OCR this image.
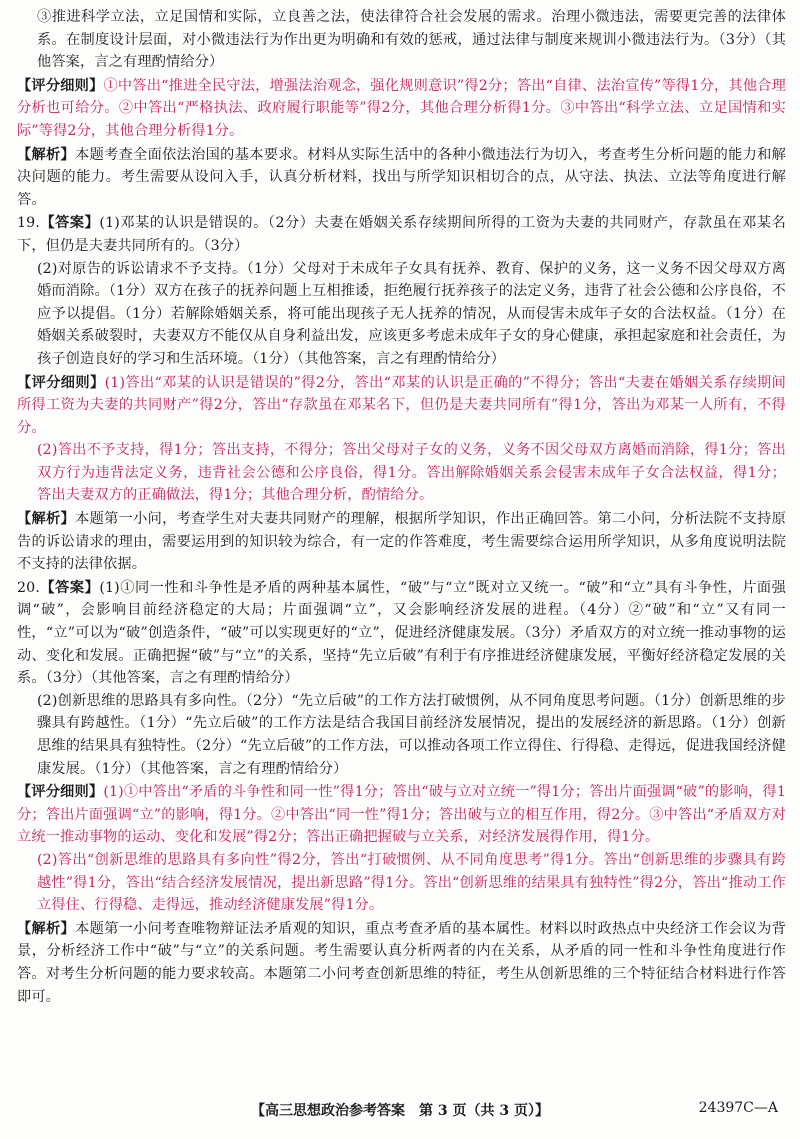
③推进科学立法，立足国情和实际，立良善之法，使法律符合社会发展的需求。治理小微违法，需要更完善的法律体系。在制度设计层面，对小微违法行为作出更为明确和有效的惩戒，通过法律与制度来规训小微违法行为。（3分）（其他答案，言之有理酌情给分）

【评分细则】①中答出“推进全民守法，增强法治观念，强化规则意识”得2分；答出“自律、法治宣传”等得1分，其他合理分析也可给分。②中答出“严格执法、政府履行职能等”得2分，其他合理分析得1分。③中答出“科学立法、立足国情和实际”等得2分，其他合理分析得1分。

【解析】本题考查全面依法治国的基本要求。材料从实际生活中的各种小微违法行为切入，考查考生分析问题的能力和解决问题的能力。考生需要从设问入手，认真分析材料，找出与所学知识相切合的点，从守法、执法、立法等角度进行解答。

19.【答案】(1)邓某的认识是错误的。（2分）夫妻在婚姻关系存续期间所得的工资为夫妻的共同财产，存款虽在邓某名下，但仍是夫妻共同所有的。（3分）

(2)对原告的诉讼请求不予支持。（1分）父母对于未成年子女具有抚养、教育、保护的义务，这一义务不因父母双方离婚而消除。（1分）双方在孩子的抚养问题上互相推诿，拒绝履行抚养孩子的法定义务，违背了社会公德和公序良俗，不应予以提倡。（1分）若解除婚姻关系，将可能出现孩子无人抚养的情况，从而侵害未成年子女的合法权益。（1分）在婚姻关系破裂时，夫妻双方不能仅从自身利益出发，应该更多考虑未成年子女的身心健康，承担起家庭和社会责任，为孩子创造良好的学习和生活环境。（1分）（其他答案，言之有理酌情给分）

【评分细则】(1)答出“邓某的认识是错误的”得2分，答出“邓某的认识是正确的”不得分；答出“夫妻在婚姻关系存续期间所得工资为夫妻的共同财产”得2分，答出“存款虽在邓某名下，但仍是夫妻共同所有”得1分，答出为邓某一人所有，不得分。

(2)答出不予支持，得1分；答出支持，不得分；答出父母对子女的义务，义务不因父母双方离婚而消除，得1分；答出双方行为违背法定义务，违背社会公德和公序良俗，得1分。答出解除婚姻关系会侵害未成年子女合法权益，得1分；答出夫妻双方的正确做法，得1分；其他合理分析，酌情给分。

【解析】本题第一小问，考查学生对夫妻共同财产的理解，根据所学知识，作出正确回答。第二小问，分析法院不支持原告的诉讼请求的理由，需要运用到的知识较为综合，有一定的作答难度，考生需要综合运用所学知识，从多角度说明法院不支持的法律依据。

20.【答案】(1)①同一性和斗争性是矛盾的两种基本属性，“破”与“立”既对立又统一。“破”和“立”具有斗争性，片面强调“破”，会影响目前经济稳定的大局；片面强调“立”，又会影响经济发展的进程。（4分）②“破”和“立”又有同一性，“立”可以为“破”创造条件，“破”可以实现更好的“立”，促进经济健康发展。（3分）矛盾双方的对立统一推动事物的运动、变化和发展。正确把握“破”与“立”的关系，坚持“先立后破”有利于有序推进经济健康发展，平衡好经济稳定发展的关系。（3分）（其他答案，言之有理酌情给分）

(2)创新思维的思路具有多向性。（2分）“先立后破”的工作方法打破惯例，从不同角度思考问题。（1分）创新思维的步骤具有跨越性。（1分）“先立后破”的工作方法是结合我国目前经济发展情况，提出的发展经济的新思路。（1分）创新思维的结果具有独特性。（2分）“先立后破”的工作方法，可以推动各项工作立得住、行得稳、走得远，促进我国经济健康发展。（1分）（其他答案，言之有理酌情给分）

【评分细则】(1)①中答出“矛盾的斗争性和同一性”得1分；答出“破与立对立统一”得1分；答出片面强调“破”的影响，得1分；答出片面强调“立”的影响，得1分。②中答出“同一性”得1分；答出破与立的相互作用，得2分。③中答出“矛盾双方对立统一推动事物的运动、变化和发展”得2分；答出正确把握破与立关系，对经济发展得作用，得1分。

(2)答出“创新思维的思路具有多向性”得2分，答出“打破惯例、从不同角度思考”得1分。答出“创新思维的步骤具有跨越性”得1分，答出“结合经济发展情况，提出新思路”得1分。答出“创新思维的结果具有独特性”得2分，答出“推动工作立得住、行得稳、走得远，推动经济健康发展”得1分。

【解析】本题第一小问考查唯物辩证法矛盾观的知识，重点考查矛盾的基本属性。材料以时政热点中央经济工作会议为背景，分析经济工作中“破”与“立”的关系问题。考生需要认真分析两者的内在关系，从矛盾的同一性和斗争性角度进行作答。对考生分析问题的能力要求较高。本题第二小问考查创新思维的特征，考生从创新思维的三个特征结合材料进行作答即可。

【高三思想政治参考答案　第 3 页（共 3 页）】	24397C—A
